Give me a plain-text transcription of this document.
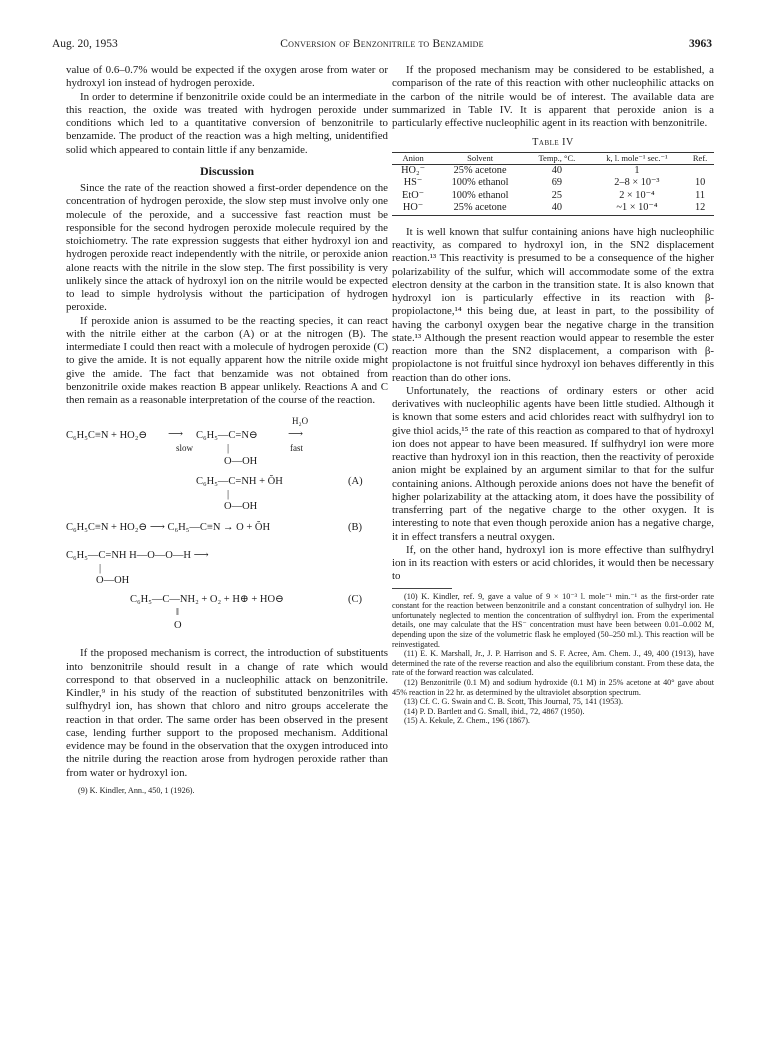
Aug. 20, 1953	Conversion of Benzonitrile to Benzamide	3963

value of 0.6–0.7% would be expected if the oxygen arose from water or hydroxyl ion instead of hydrogen peroxide.

In order to determine if benzonitrile oxide could be an intermediate in this reaction, the oxide was treated with hydrogen peroxide under conditions which led to a quantitative conversion of benzonitrile to benzamide. The product of the reaction was a high melting, unidentified solid which appeared to contain little if any benzamide.

Discussion

Since the rate of the reaction showed a first-order dependence on the concentration of hydrogen peroxide, the slow step must involve only one molecule of the peroxide, and a successive fast reaction must be responsible for the second hydrogen peroxide molecule required by the stoichiometry. The rate expression suggests that either hydroxyl ion and hydrogen peroxide react independently with the nitrile, or peroxide anion alone reacts with the nitrile in the slow step. The first possibility is very unlikely since the attack of hydroxyl ion on the nitrile would be expected to lead to simple hydrolysis without the participation of hydrogen peroxide.

If peroxide anion is assumed to be the reacting species, it can react with the nitrile either at the carbon (A) or at the nitrogen (B). The intermediate I could then react with a molecule of hydrogen peroxide (C) to give the amide. It is not equally apparent how the nitrile oxide might give the amide. The fact that benzamide was not obtained from benzonitrile oxide makes reaction B appear unlikely. Reactions A and C then remain as a reasonable interpretation of the course of the reaction.

C₆H₅C≡N + HO₂⊖
slow
⟶ C₆H₅—C=N⊖
H₂O
⟶
fast
|
O—OH
C₆H₅—C=NH + ŎH	(A)
|
O—OH
C₆H₅C≡N + HO₂⊖ ⟶ C₆H₅—C≡N → O + ŎH	(B)
C₆H₅—C=NH H—O—O—H ⟶
|
O—OH
C₆H₅—C—NH₂ + O₂ + H⊕ + HO⊖	(C)
‖
O

If the proposed mechanism is correct, the introduction of substituents into benzonitrile should result in a change of rate which would correspond to that observed in a nucleophilic attack on benzonitrile. Kindler,⁹ in his study of the reaction of substituted benzonitriles with sulfhydryl ion, has shown that chloro and nitro groups accelerate the reaction in that order. The same order has been observed in the present case, lending further support to the proposed mechanism. Additional evidence may be found in the observation that the oxygen introduced into the nitrile during the reaction arose from hydrogen peroxide rather than from water or hydroxyl ion.

(9) K. Kindler, Ann., 450, 1 (1926).

If the proposed mechanism may be considered to be established, a comparison of the rate of this reaction with other nucleophilic attacks on the carbon of the nitrile would be of interest. The available data are summarized in Table IV. It is apparent that peroxide anion is a particularly effective nucleophilic agent in its reaction with benzonitrile.

Table IV
Anion	Solvent	Temp., °C.	k, l. mole⁻¹ sec.⁻¹	Ref.
HO₂⁻	25% acetone	40	1	
HS⁻	100% ethanol	69	2–8 × 10⁻³	10
EtO⁻	100% ethanol	25	2 × 10⁻⁴	11
HO⁻	25% acetone	40	~1 × 10⁻⁴	12

It is well known that sulfur containing anions have high nucleophilic reactivity, as compared to hydroxyl ion, in the SN2 displacement reaction.¹³ This reactivity is presumed to be a consequence of the higher polarizability of the sulfur, which will accommodate some of the extra electron density at the carbon in the transition state. It is also known that hydroxyl ion is particularly effective in its reaction with β-propiolactone,¹⁴ this being due, at least in part, to the possibility of having the carbonyl oxygen bear the negative charge in the transition state.¹³ Although the present reaction would appear to resemble the ester reaction more than the SN2 displacement, a comparison with β-propiolactone is not fruitful since hydroxyl ion behaves differently in this reaction than do other ions.

Unfortunately, the reactions of ordinary esters or other acid derivatives with nucleophilic agents have been little studied. Although it is known that some esters and acid chlorides react with sulfhydryl ion to give thiol acids,¹⁵ the rate of this reaction as compared to that of hydroxyl ion does not appear to have been measured. If sulfhydryl ion were more reactive than hydroxyl ion in this reaction, then the reactivity of peroxide anion might be explained by an argument similar to that for the sulfur containing anions. Although peroxide anions does not have the benefit of higher polarizability at the attacking atom, it does have the possibility of transferring part of the negative charge to the other oxygen. It is interesting to note that even though peroxide anion has a negative charge, it in effect transfers a neutral oxygen.

If, on the other hand, hydroxyl ion is more effective than sulfhydryl ion in its reaction with esters or acid chlorides, it would then be necessary to

(10) K. Kindler, ref. 9, gave a value of 9 × 10⁻³ l. mole⁻¹ min.⁻¹ as the first-order rate constant for the reaction between benzonitrile and a constant concentration of sulhydryl ion. He unfortunately neglected to mention the concentration of sulfhydryl ion. From the experimental details, one may calculate that the HS⁻ concentration must have been between 0.01–0.002 M, depending upon the size of the volumetric flask he employed (50–250 ml.). This reaction will be reinvestigated.

(11) E. K. Marshall, Jr., J. P. Harrison and S. F. Acree, Am. Chem. J., 49, 400 (1913), have determined the rate of the reverse reaction and also the equilibrium constant. From these data, the rate of the forward reaction was calculated.

(12) Benzonitrile (0.1 M) and sodium hydroxide (0.1 M) in 25% acetone at 40° gave about 45% reaction in 22 hr. as determined by the ultraviolet absorption spectrum.

(13) Cf. C. G. Swain and C. B. Scott, This Journal, 75, 141 (1953).

(14) P. D. Bartlett and G. Small, ibid., 72, 4867 (1950).

(15) A. Kekule, Z. Chem., 196 (1867).
